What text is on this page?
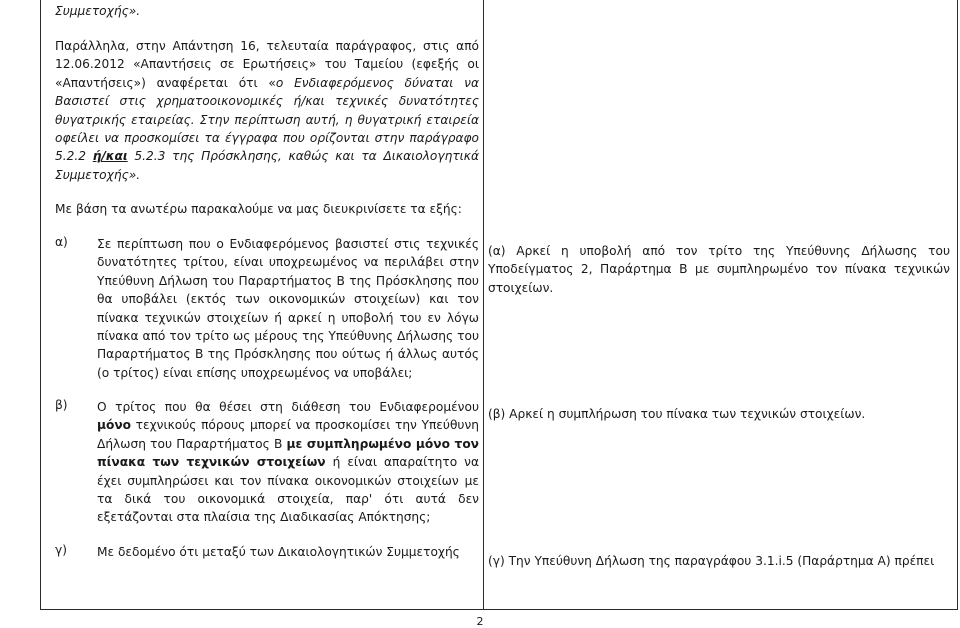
Συμμετοχής».

Παράλληλα, στην Απάντηση 16, τελευταία παράγραφος, στις από 12.06.2012 «Απαντήσεις σε Ερωτήσεις» του Ταμείου (εφεξής οι «Απαντήσεις») αναφέρεται ότι «ο Ενδιαφερόμενος δύναται να Βασιστεί στις χρηματοοικονομικές ή/και τεχνικές δυνατότητες θυγατρικής εταιρείας. Στην περίπτωση αυτή, η θυγατρική εταιρεία οφείλει να προσκομίσει τα έγγραφα που ορίζονται στην παράγραφο 5.2.2 ή/και 5.2.3 της Πρόσκλησης, καθώς και τα Δικαιολογητικά Συμμετοχής».

Με βάση τα ανωτέρω παρακαλούμε να μας διευκρινίσετε τα εξής:

α) Σε περίπτωση που ο Ενδιαφερόμενος βασιστεί στις τεχνικές δυνατότητες τρίτου, είναι υποχρεωμένος να περιλάβει στην Υπεύθυνη Δήλωση του Παραρτήματος Β της Πρόσκλησης που θα υποβάλει (εκτός των οικονομικών στοιχείων) και τον πίνακα τεχνικών στοιχείων ή αρκεί η υποβολή του εν λόγω πίνακα από τον τρίτο ως μέρους της Υπεύθυνης Δήλωσης του Παραρτήματος Β της Πρόσκλησης που ούτως ή άλλως αυτός (ο τρίτος) είναι επίσης υποχρεωμένος να υποβάλει;

β) Ο τρίτος που θα θέσει στη διάθεση του Ενδιαφερομένου μόνο τεχνικούς πόρους μπορεί να προσκομίσει την Υπεύθυνη Δήλωση του Παραρτήματος Β με συμπληρωμένο μόνο τον πίνακα των τεχνικών στοιχείων ή είναι απαραίτητο να έχει συμπληρώσει και τον πίνακα οικονομικών στοιχείων με τα δικά του οικονομικά στοιχεία, παρ' ότι αυτά δεν εξετάζονται στα πλαίσια της Διαδικασίας Απόκτησης;

γ) Με δεδομένο ότι μεταξύ των Δικαιολογητικών Συμμετοχής

(α) Αρκεί η υποβολή από τον τρίτο της Υπεύθυνης Δήλωσης του Υποδείγματος 2, Παράρτημα Β με συμπληρωμένο τον πίνακα τεχνικών στοιχείων.

(β) Αρκεί η συμπλήρωση του πίνακα των τεχνικών στοιχείων.

(γ) Την Υπεύθυνη Δήλωση της παραγράφου 3.1.i.5 (Παράρτημα Α) πρέπει

2
